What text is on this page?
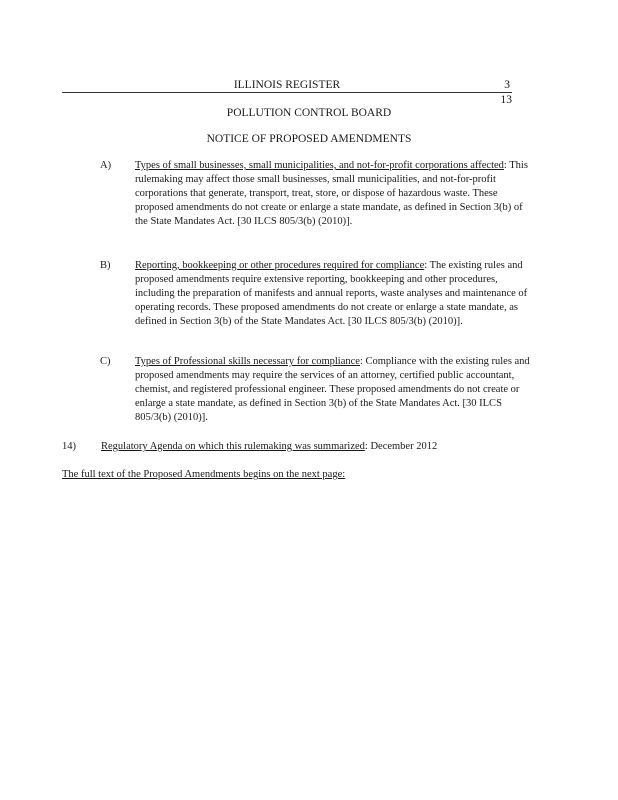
ILLINOIS REGISTER	3
13
POLLUTION CONTROL BOARD
NOTICE OF PROPOSED AMENDMENTS
A) Types of small businesses, small municipalities, and not-for-profit corporations affected: This rulemaking may affect those small businesses, small municipalities, and not-for-profit corporations that generate, transport, treat, store, or dispose of hazardous waste. These proposed amendments do not create or enlarge a state mandate, as defined in Section 3(b) of the State Mandates Act. [30 ILCS 805/3(b) (2010)].
B) Reporting, bookkeeping or other procedures required for compliance: The existing rules and proposed amendments require extensive reporting, bookkeeping and other procedures, including the preparation of manifests and annual reports, waste analyses and maintenance of operating records. These proposed amendments do not create or enlarge a state mandate, as defined in Section 3(b) of the State Mandates Act. [30 ILCS 805/3(b) (2010)].
C) Types of Professional skills necessary for compliance: Compliance with the existing rules and proposed amendments may require the services of an attorney, certified public accountant, chemist, and registered professional engineer. These proposed amendments do not create or enlarge a state mandate, as defined in Section 3(b) of the State Mandates Act. [30 ILCS 805/3(b) (2010)].
14) Regulatory Agenda on which this rulemaking was summarized: December 2012
The full text of the Proposed Amendments begins on the next page:
